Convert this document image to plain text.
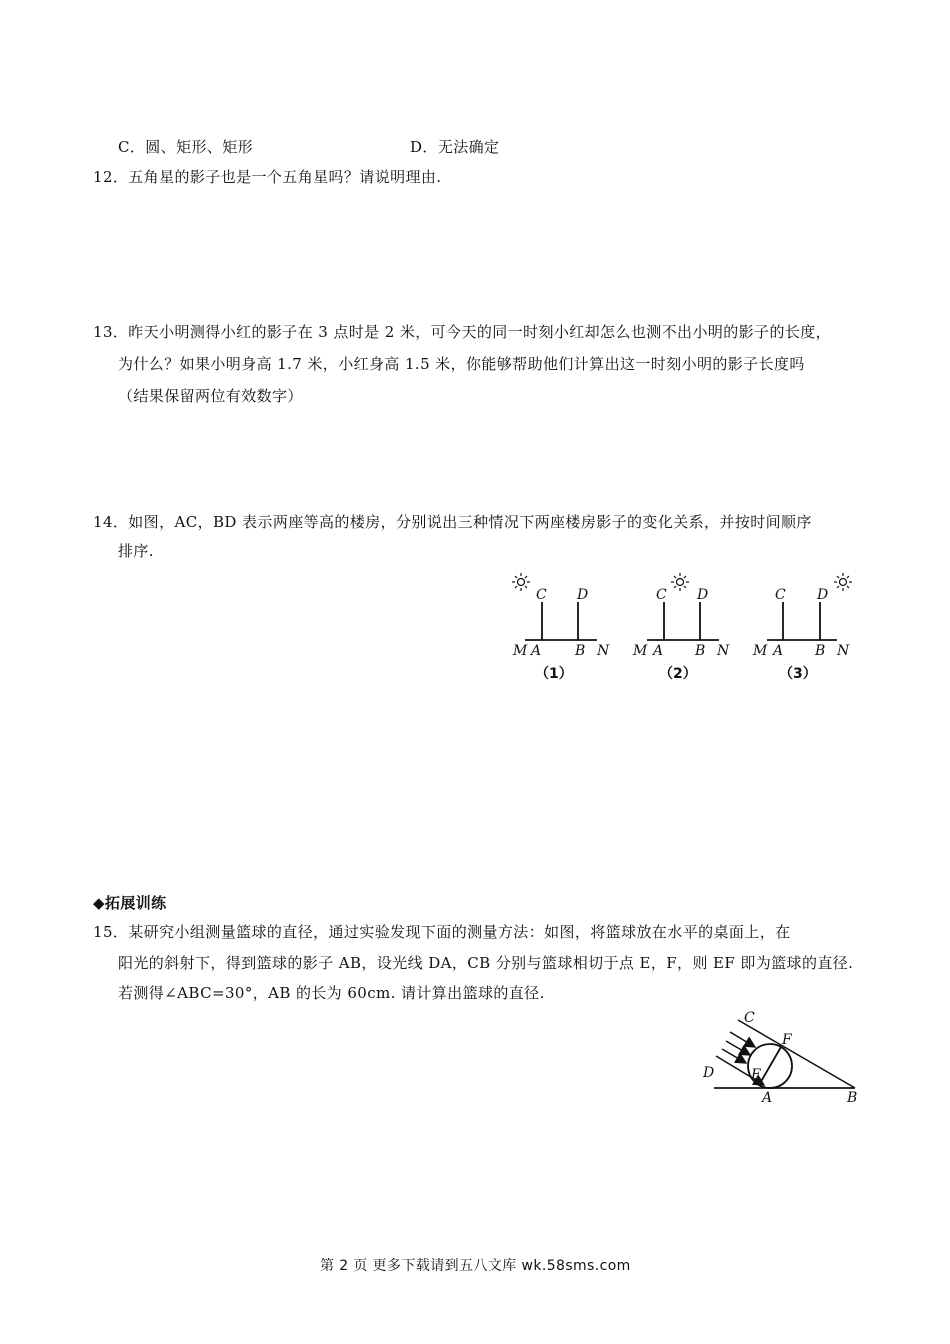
C．圆、矩形、矩形	D．无法确定
12．五角星的影子也是一个五角星吗？请说明理由.
13．昨天小明测得小红的影子在 3 点时是 2 米，可今天的同一时刻小红却怎么也测不出小明的影子的长度，
为什么？如果小明身高 1.7 米，小红身高 1.5 米，你能够帮助他们计算出这一时刻小明的影子长度吗
（结果保留两位有效数字）
14．如图，AC，BD 表示两座等高的楼房，分别说出三种情况下两座楼房影子的变化关系，并按时间顺序
排序.
C D
M A B N
（1）
C D
M A B N
（2）
C D
M A B N
（3）
◆拓展训练
15．某研究小组测量篮球的直径，通过实验发现下面的测量方法：如图，将篮球放在水平的桌面上，在
阳光的斜射下，得到篮球的影子 AB，设光线 DA，CB 分别与篮球相切于点 E，F，则 EF 即为篮球的直径.
若测得∠ABC=30°，AB 的长为 60cm. 请计算出篮球的直径.
C
F
D	E
A	B
第 2 页 更多下载请到五八文库 wk.58sms.com
